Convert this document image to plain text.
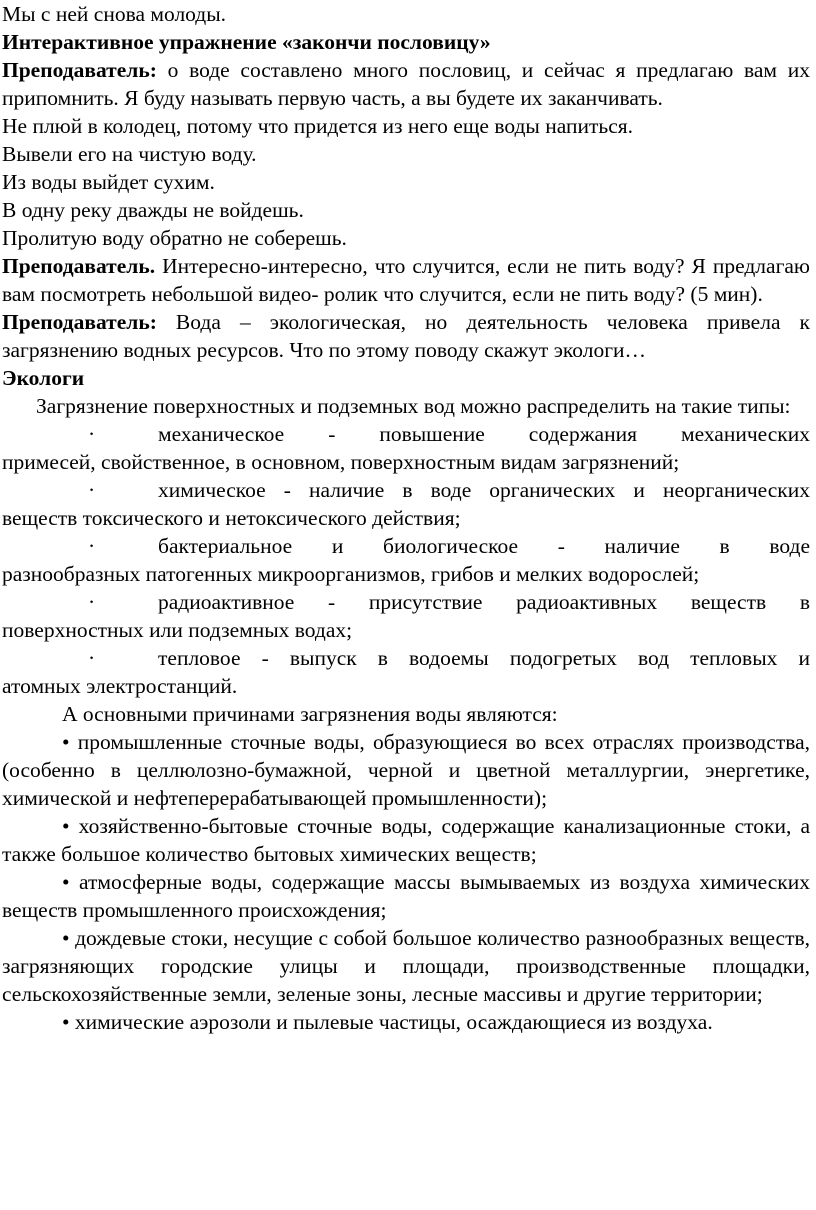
Мы с ней снова молоды.

Интерактивное упражнение «закончи пословицу»

Преподаватель: о воде составлено много пословиц, и сейчас я предлагаю вам их припомнить. Я буду называть первую часть, а вы будете их заканчивать.

Не плюй в колодец, потому что придется из него еще воды напиться.

Вывели его на чистую воду.

Из воды выйдет сухим.

В одну реку дважды не войдешь.

Пролитую воду обратно не соберешь.

Преподаватель. Интересно-интересно, что случится, если не пить воду? Я предлагаю вам посмотреть небольшой видео- ролик что случится, если не пить воду? (5 мин).

Преподаватель: Вода – экологическая, но деятельность человека привела к загрязнению водных ресурсов. Что по этому поводу скажут экологи…

Экологи

Загрязнение поверхностных и подземных вод можно распределить на такие типы:

·	механическое - повышение содержания механических
примесей, свойственное, в основном, поверхностным видам загрязнений;
·	химическое - наличие в воде органических и неорганических
веществ токсического и нетоксического действия;
·	бактериальное и биологическое - наличие в воде
разнообразных патогенных микроорганизмов, грибов и мелких водорослей;
·	радиоактивное - присутствие радиоактивных веществ в
поверхностных или подземных водах;
·	тепловое - выпуск в водоемы подогретых вод тепловых и
атомных электростанций.

А основными причинами загрязнения воды являются:

• промышленные сточные воды, образующиеся во всех отраслях производства, (особенно в целлюлозно-бумажной, черной и цветной металлургии, энергетике, химической и нефтеперерабатывающей промышленности);

• хозяйственно-бытовые сточные воды, содержащие канализационные стоки, а также большое количество бытовых химических веществ;

• атмосферные воды, содержащие массы вымываемых из воздуха химических веществ промышленного происхождения;

• дождевые стоки, несущие с собой большое количество разнообразных веществ, загрязняющих городские улицы и площади, производственные площадки, сельскохозяйственные земли, зеленые зоны, лесные массивы и другие территории;

• химические аэрозоли и пылевые частицы, осаждающиеся из воздуха.
